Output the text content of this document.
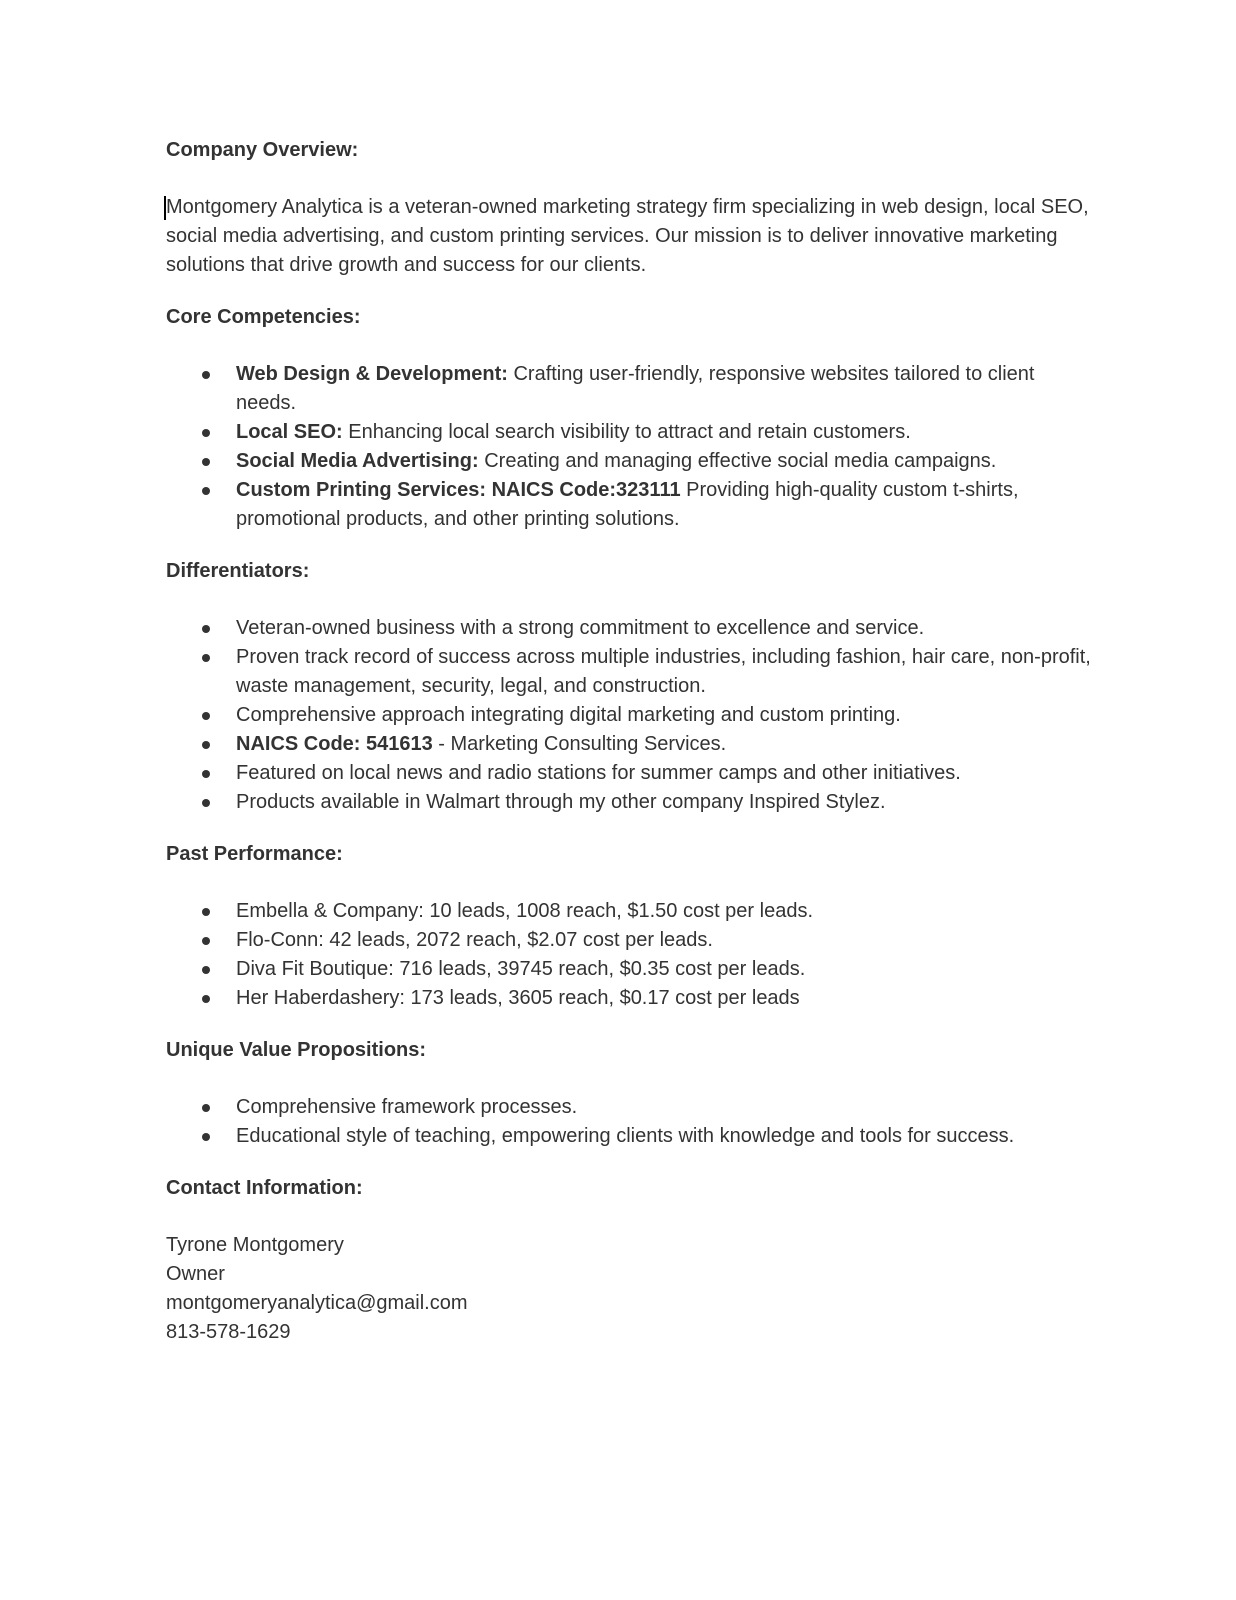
Company Overview:

Montgomery Analytica is a veteran-owned marketing strategy firm specializing in web design, local SEO, social media advertising, and custom printing services. Our mission is to deliver innovative marketing solutions that drive growth and success for our clients.

Core Competencies:
Web Design & Development: Crafting user-friendly, responsive websites tailored to client needs.
Local SEO: Enhancing local search visibility to attract and retain customers.
Social Media Advertising: Creating and managing effective social media campaigns.
Custom Printing Services: NAICS Code:323111 Providing high-quality custom t-shirts, promotional products, and other printing solutions.
Differentiators:
Veteran-owned business with a strong commitment to excellence and service.
Proven track record of success across multiple industries, including fashion, hair care, non-profit, waste management, security, legal, and construction.
Comprehensive approach integrating digital marketing and custom printing.
NAICS Code: 541613 - Marketing Consulting Services.
Featured on local news and radio stations for summer camps and other initiatives.
Products available in Walmart through my other company Inspired Stylez.
Past Performance:
Embella & Company: 10 leads, 1008 reach, $1.50 cost per leads.
Flo-Conn: 42 leads, 2072 reach, $2.07 cost per leads.
Diva Fit Boutique: 716 leads, 39745 reach, $0.35 cost per leads.
Her Haberdashery: 173 leads, 3605 reach, $0.17 cost per leads
Unique Value Propositions:
Comprehensive framework processes.
Educational style of teaching, empowering clients with knowledge and tools for success.
Contact Information:

Tyrone Montgomery
Owner
montgomeryanalytica@gmail.com
813-578-1629
